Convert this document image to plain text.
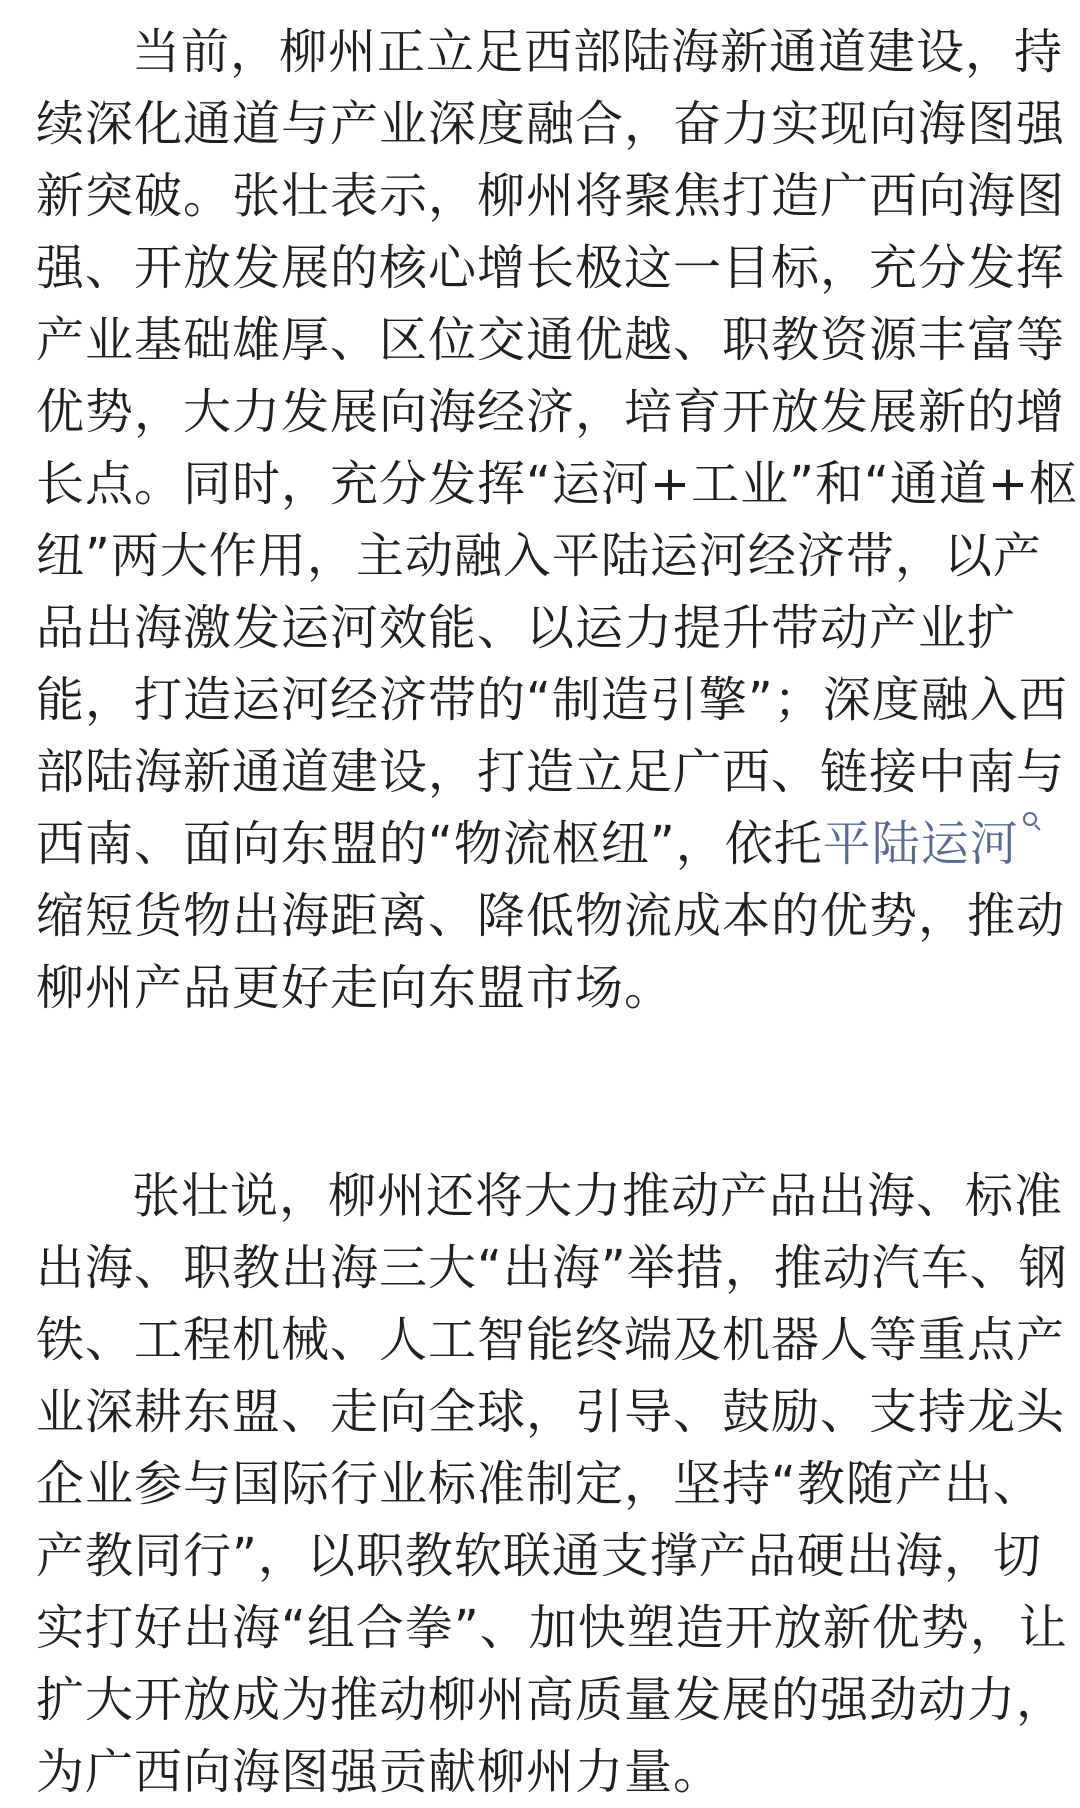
当前，柳州正立足西部陆海新通道建设，持
续深化通道与产业深度融合，奋力实现向海图强
新突破。张壮表示，柳州将聚焦打造广西向海图
强、开放发展的核心增长极这一目标，充分发挥
产业基础雄厚、区位交通优越、职教资源丰富等
优势，大力发展向海经济，培育开放发展新的增
长点。同时，充分发挥“运河+工业”和“通道+枢
纽”两大作用，主动融入平陆运河经济带，以产
品出海激发运河效能、以运力提升带动产业扩
能，打造运河经济带的“制造引擎”；深度融入西
部陆海新通道建设，打造立足广西、链接中南与
西南、面向东盟的“物流枢纽”，依托平陆运河
缩短货物出海距离、降低物流成本的优势，推动
柳州产品更好走向东盟市场。
张壮说，柳州还将大力推动产品出海、标准
出海、职教出海三大“出海”举措，推动汽车、钢
铁、工程机械、人工智能终端及机器人等重点产
业深耕东盟、走向全球，引导、鼓励、支持龙头
企业参与国际行业标准制定，坚持“教随产出、
产教同行”，以职教软联通支撑产品硬出海，切
实打好出海“组合拳”、加快塑造开放新优势，让
扩大开放成为推动柳州高质量发展的强劲动力，
为广西向海图强贡献柳州力量。
